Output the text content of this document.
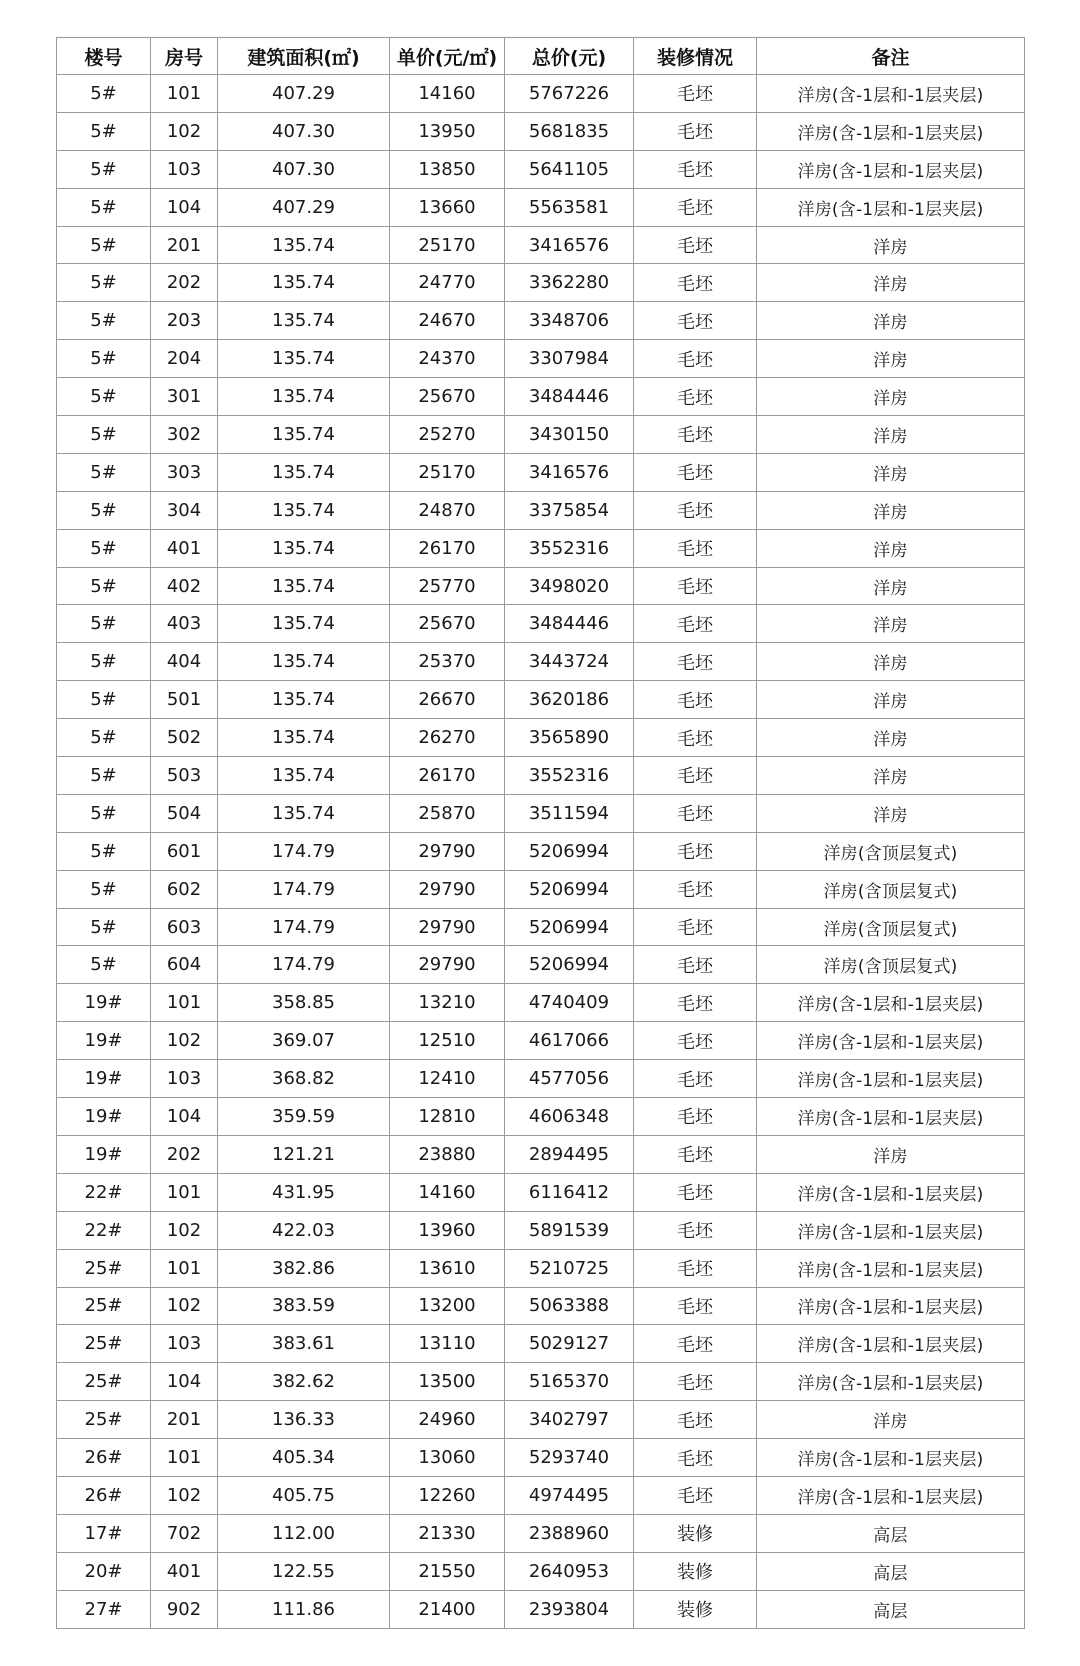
楼号	房号	建筑面积(㎡)	单价(元/㎡)	总价(元)	装修情况	备注
5#	101	407.29	14160	5767226	毛坯	洋房(含-1层和-1层夹层)
5#	102	407.30	13950	5681835	毛坯	洋房(含-1层和-1层夹层)
5#	103	407.30	13850	5641105	毛坯	洋房(含-1层和-1层夹层)
5#	104	407.29	13660	5563581	毛坯	洋房(含-1层和-1层夹层)
5#	201	135.74	25170	3416576	毛坯	洋房
5#	202	135.74	24770	3362280	毛坯	洋房
5#	203	135.74	24670	3348706	毛坯	洋房
5#	204	135.74	24370	3307984	毛坯	洋房
5#	301	135.74	25670	3484446	毛坯	洋房
5#	302	135.74	25270	3430150	毛坯	洋房
5#	303	135.74	25170	3416576	毛坯	洋房
5#	304	135.74	24870	3375854	毛坯	洋房
5#	401	135.74	26170	3552316	毛坯	洋房
5#	402	135.74	25770	3498020	毛坯	洋房
5#	403	135.74	25670	3484446	毛坯	洋房
5#	404	135.74	25370	3443724	毛坯	洋房
5#	501	135.74	26670	3620186	毛坯	洋房
5#	502	135.74	26270	3565890	毛坯	洋房
5#	503	135.74	26170	3552316	毛坯	洋房
5#	504	135.74	25870	3511594	毛坯	洋房
5#	601	174.79	29790	5206994	毛坯	洋房(含顶层复式)
5#	602	174.79	29790	5206994	毛坯	洋房(含顶层复式)
5#	603	174.79	29790	5206994	毛坯	洋房(含顶层复式)
5#	604	174.79	29790	5206994	毛坯	洋房(含顶层复式)
19#	101	358.85	13210	4740409	毛坯	洋房(含-1层和-1层夹层)
19#	102	369.07	12510	4617066	毛坯	洋房(含-1层和-1层夹层)
19#	103	368.82	12410	4577056	毛坯	洋房(含-1层和-1层夹层)
19#	104	359.59	12810	4606348	毛坯	洋房(含-1层和-1层夹层)
19#	202	121.21	23880	2894495	毛坯	洋房
22#	101	431.95	14160	6116412	毛坯	洋房(含-1层和-1层夹层)
22#	102	422.03	13960	5891539	毛坯	洋房(含-1层和-1层夹层)
25#	101	382.86	13610	5210725	毛坯	洋房(含-1层和-1层夹层)
25#	102	383.59	13200	5063388	毛坯	洋房(含-1层和-1层夹层)
25#	103	383.61	13110	5029127	毛坯	洋房(含-1层和-1层夹层)
25#	104	382.62	13500	5165370	毛坯	洋房(含-1层和-1层夹层)
25#	201	136.33	24960	3402797	毛坯	洋房
26#	101	405.34	13060	5293740	毛坯	洋房(含-1层和-1层夹层)
26#	102	405.75	12260	4974495	毛坯	洋房(含-1层和-1层夹层)
17#	702	112.00	21330	2388960	装修	高层
20#	401	122.55	21550	2640953	装修	高层
27#	902	111.86	21400	2393804	装修	高层
